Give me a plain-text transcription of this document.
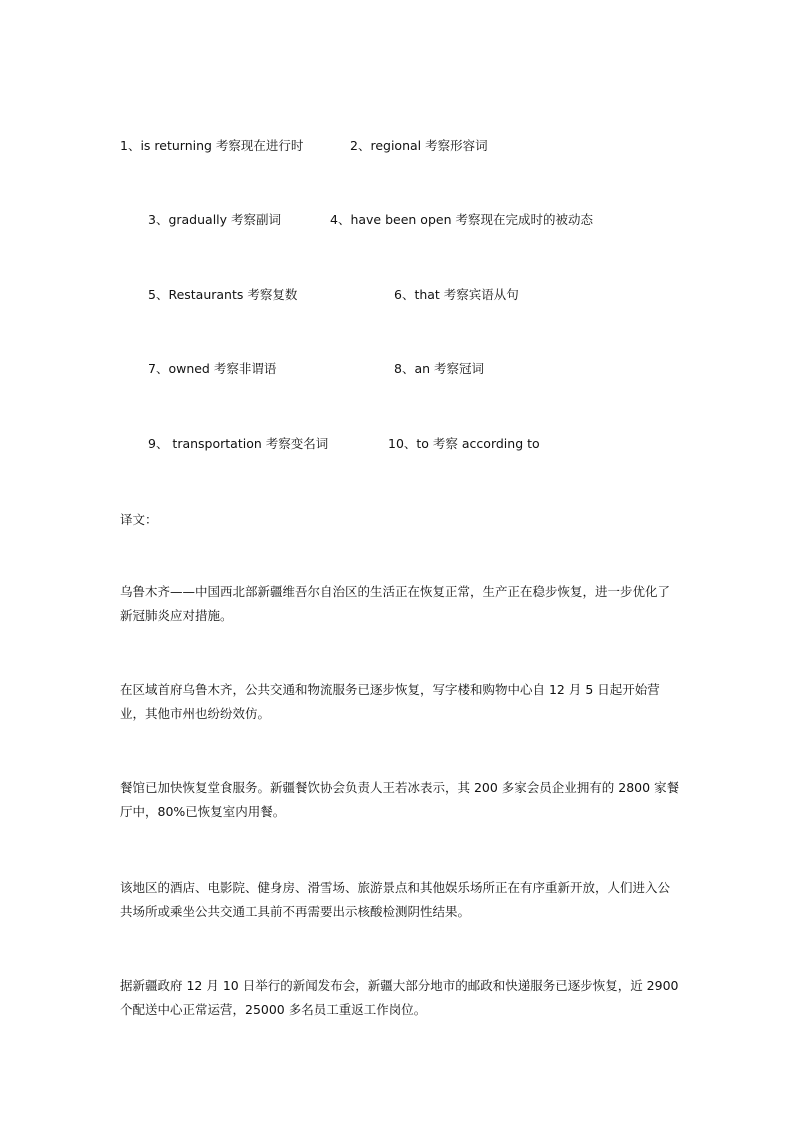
1、is returning 考察现在进行时	2、regional 考察形容词
3、gradually 考察副词	4、have been open 考察现在完成时的被动态
5、Restaurants 考察复数	6、that 考察宾语从句
7、owned 考察非谓语	8、an 考察冠词
9、 transportation 考察变名词	10、to 考察 according to
译文：

乌鲁木齐——中国西北部新疆维吾尔自治区的生活正在恢复正常，生产正在稳步恢复，进一步优化了新冠肺炎应对措施。

在区域首府乌鲁木齐，公共交通和物流服务已逐步恢复，写字楼和购物中心自 12 月 5 日起开始营业，其他市州也纷纷效仿。

餐馆已加快恢复堂食服务。新疆餐饮协会负责人王若冰表示，其 200 多家会员企业拥有的 2800 家餐厅中，80%已恢复室内用餐。

该地区的酒店、电影院、健身房、滑雪场、旅游景点和其他娱乐场所正在有序重新开放，人们进入公共场所或乘坐公共交通工具前不再需要出示核酸检测阴性结果。

据新疆政府 12 月 10 日举行的新闻发布会，新疆大部分地市的邮政和快递服务已逐步恢复，近 2900 个配送中心正常运营，25000 多名员工重返工作岗位。
